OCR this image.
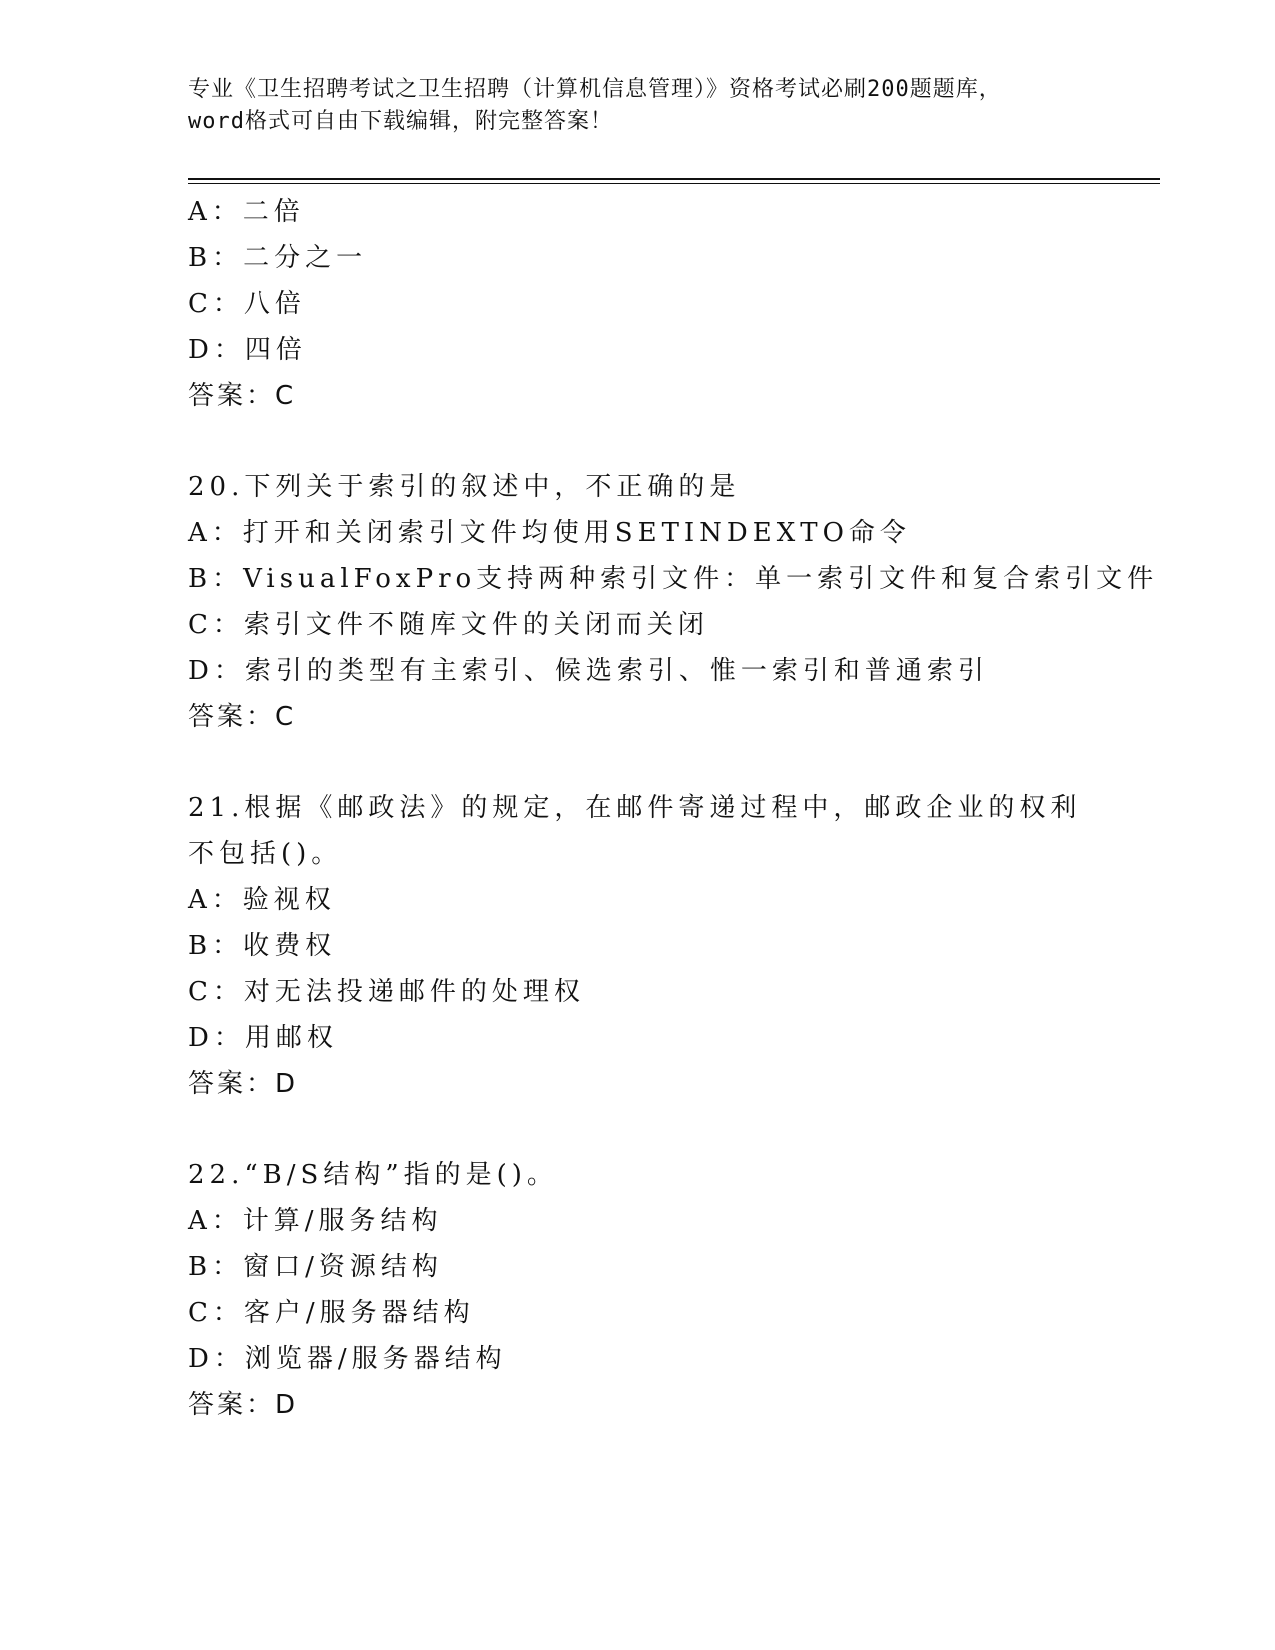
专业《卫生招聘考试之卫生招聘（计算机信息管理）》资格考试必刷200题题库，
word格式可自由下载编辑，附完整答案！
A：二倍
B：二分之一
C：八倍
D：四倍
答案：C
20.下列关于索引的叙述中，不正确的是
A：打开和关闭索引文件均使用SETINDEXTO命令
B：VisualFoxPro支持两种索引文件：单一索引文件和复合索引文件
C：索引文件不随库文件的关闭而关闭
D：索引的类型有主索引、候选索引、惟一索引和普通索引
答案：C
21.根据《邮政法》的规定，在邮件寄递过程中，邮政企业的权利不包括()。
A：验视权
B：收费权
C：对无法投递邮件的处理权
D：用邮权
答案：D
22.“B/S结构”指的是()。
A：计算/服务结构
B：窗口/资源结构
C：客户/服务器结构
D：浏览器/服务器结构
答案：D
